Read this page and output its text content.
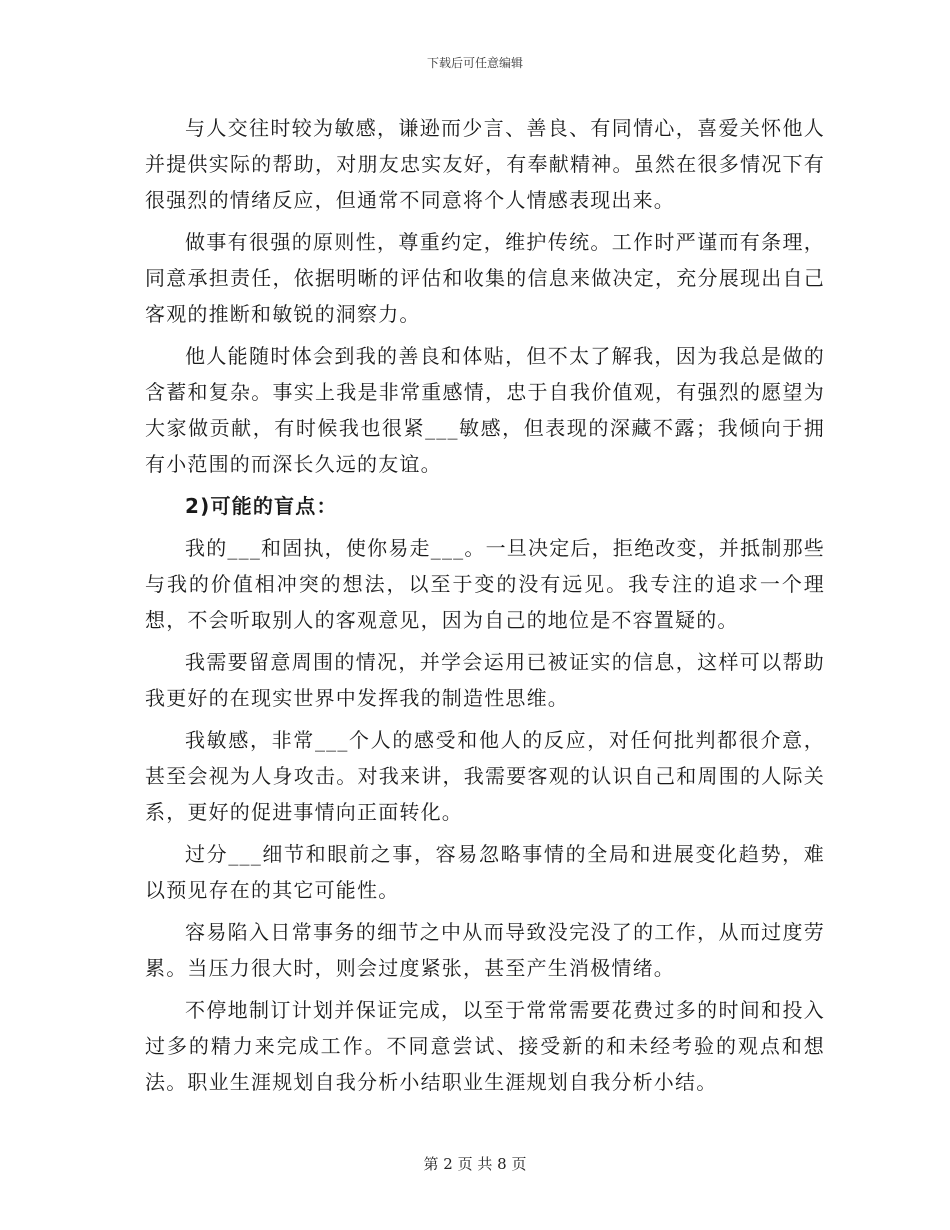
下载后可任意编辑

与人交往时较为敏感，谦逊而少言、善良、有同情心，喜爱关怀他人并提供实际的帮助，对朋友忠实友好，有奉献精神。虽然在很多情况下有很强烈的情绪反应，但通常不同意将个人情感表现出来。

做事有很强的原则性，尊重约定，维护传统。工作时严谨而有条理，同意承担责任，依据明晰的评估和收集的信息来做决定，充分展现出自己客观的推断和敏锐的洞察力。

他人能随时体会到我的善良和体贴，但不太了解我，因为我总是做的含蓄和复杂。事实上我是非常重感情，忠于自我价值观，有强烈的愿望为大家做贡献，有时候我也很紧___敏感，但表现的深藏不露；我倾向于拥有小范围的而深长久远的友谊。

2)可能的盲点：

我的___和固执，使你易走___。一旦决定后，拒绝改变，并抵制那些与我的价值相冲突的想法，以至于变的没有远见。我专注的追求一个理想，不会听取别人的客观意见，因为自己的地位是不容置疑的。

我需要留意周围的情况，并学会运用已被证实的信息，这样可以帮助我更好的在现实世界中发挥我的制造性思维。

我敏感，非常___个人的感受和他人的反应，对任何批判都很介意，甚至会视为人身攻击。对我来讲，我需要客观的认识自己和周围的人际关系，更好的促进事情向正面转化。

过分___细节和眼前之事，容易忽略事情的全局和进展变化趋势，难以预见存在的其它可能性。

容易陷入日常事务的细节之中从而导致没完没了的工作，从而过度劳累。当压力很大时，则会过度紧张，甚至产生消极情绪。

不停地制订计划并保证完成，以至于常常需要花费过多的时间和投入过多的精力来完成工作。不同意尝试、接受新的和未经考验的观点和想法。职业生涯规划自我分析小结职业生涯规划自我分析小结。

第 2 页 共 8 页
